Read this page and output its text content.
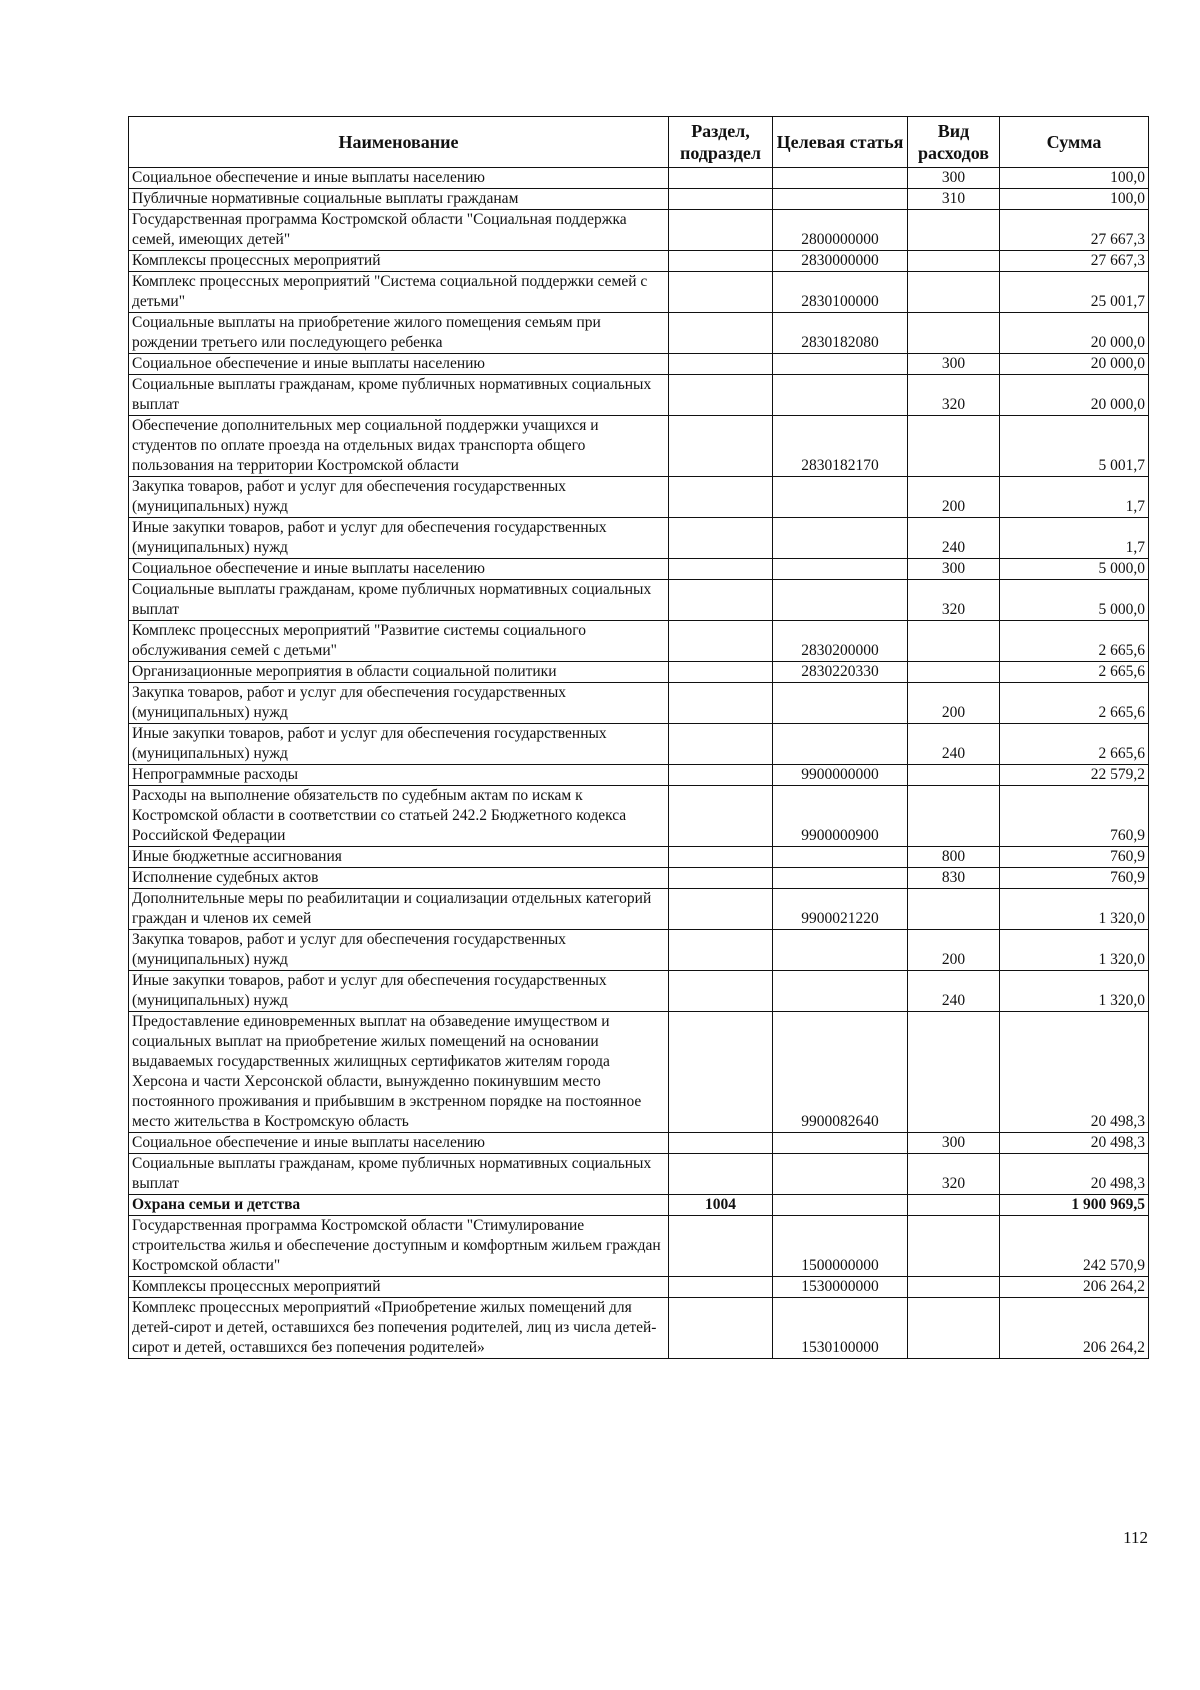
Наименование	Раздел, подраздел	Целевая статья	Вид расходов	Сумма
Социальное обеспечение и иные выплаты населению			300	100,0
Публичные нормативные социальные выплаты гражданам			310	100,0
Государственная программа Костромской области "Социальная поддержка семей, имеющих детей"		2800000000		27 667,3
Комплексы процессных мероприятий		2830000000		27 667,3
Комплекс процессных мероприятий "Система социальной поддержки семей с детьми"		2830100000		25 001,7
Социальные выплаты на приобретение жилого помещения семьям при рождении третьего или последующего ребенка		2830182080		20 000,0
Социальное обеспечение и иные выплаты населению			300	20 000,0
Социальные выплаты гражданам, кроме публичных нормативных социальных выплат			320	20 000,0
Обеспечение дополнительных мер социальной поддержки учащихся и студентов по оплате проезда на отдельных видах транспорта общего пользования на территории Костромской области		2830182170		5 001,7
Закупка товаров, работ и услуг для обеспечения государственных (муниципальных) нужд			200	1,7
Иные закупки товаров, работ и услуг для обеспечения государственных (муниципальных) нужд			240	1,7
Социальное обеспечение и иные выплаты населению			300	5 000,0
Социальные выплаты гражданам, кроме публичных нормативных социальных выплат			320	5 000,0
Комплекс процессных мероприятий "Развитие системы социального обслуживания семей с детьми"		2830200000		2 665,6
Организационные мероприятия в области социальной политики		2830220330		2 665,6
Закупка товаров, работ и услуг для обеспечения государственных (муниципальных) нужд			200	2 665,6
Иные закупки товаров, работ и услуг для обеспечения государственных (муниципальных) нужд			240	2 665,6
Непрограммные расходы		9900000000		22 579,2
Расходы на выполнение обязательств по судебным актам по искам к Костромской области в соответствии со статьей 242.2 Бюджетного кодекса Российской Федерации		9900000900		760,9
Иные бюджетные ассигнования			800	760,9
Исполнение судебных актов			830	760,9
Дополнительные меры по реабилитации и социализации отдельных категорий граждан и членов их семей		9900021220		1 320,0
Закупка товаров, работ и услуг для обеспечения государственных (муниципальных) нужд			200	1 320,0
Иные закупки товаров, работ и услуг для обеспечения государственных (муниципальных) нужд			240	1 320,0
Предоставление единовременных выплат на обзаведение имуществом и социальных выплат на приобретение жилых помещений на основании выдаваемых государственных жилищных сертификатов жителям города Херсона и части Херсонской области, вынужденно покинувшим место постоянного проживания и прибывшим в экстренном порядке на постоянное место жительства в Костромскую область		9900082640		20 498,3
Социальное обеспечение и иные выплаты населению			300	20 498,3
Социальные выплаты гражданам, кроме публичных нормативных социальных выплат			320	20 498,3
Охрана семьи и детства	1004			1 900 969,5
Государственная программа Костромской области "Стимулирование строительства жилья и обеспечение доступным и комфортным жильем граждан Костромской области"		1500000000		242 570,9
Комплексы процессных мероприятий		1530000000		206 264,2
Комплекс процессных мероприятий «Приобретение жилых помещений для детей-сирот и детей, оставшихся без попечения родителей, лиц из числа детей-сирот и детей, оставшихся без попечения родителей»		1530100000		206 264,2
112
